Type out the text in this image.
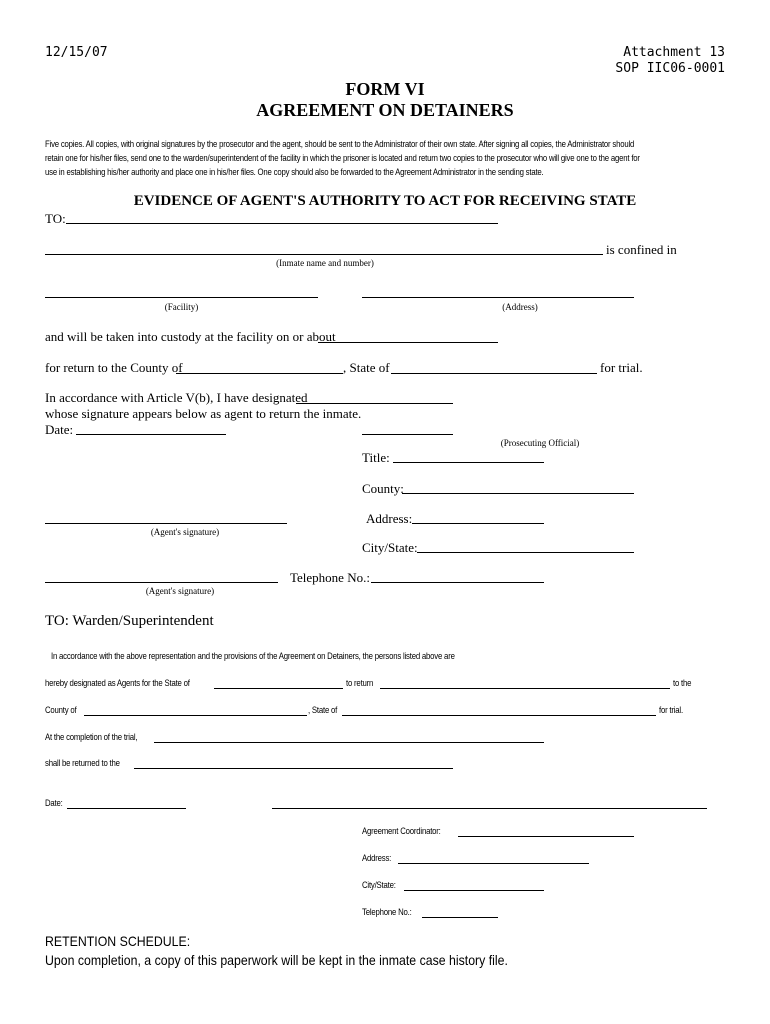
12/15/07	Attachment 13
SOP IIC06-0001
FORM VI
AGREEMENT ON DETAINERS
Five copies. All copies, with original signatures by the prosecutor and the agent, should be sent to the Administrator of their own state. After signing all copies, the Administrator should
retain one for his/her files, send one to the warden/superintendent of the facility in which the prisoner is located and return two copies to the prosecutor who will give one to the agent for
use in establishing his/her authority and place one in his/her files. One copy should also be forwarded to the Agreement Administrator in the sending state.
EVIDENCE OF AGENT'S AUTHORITY TO ACT FOR RECEIVING STATE
TO:
is confined in
(Inmate name and number)
(Facility)	(Address)
and will be taken into custody at the facility on or about
for return to the County of	, State of	for trial.
In accordance with Article V(b), I have designated
whose signature appears below as agent to return the inmate.
Date:
(Prosecuting Official)
Title:
County:
Address:
(Agent's signature)
City/State:
Telephone No.:
(Agent's signature)
TO: Warden/Superintendent
In accordance with the above representation and the provisions of the Agreement on Detainers, the persons listed above are
hereby designated as Agents for the State of	to return	to the
County of	, State of	for trial.
At the completion of the trial,
shall be returned to the
Date:
Agreement Coordinator:
Address:
City/State:
Telephone No.:
RETENTION SCHEDULE:
Upon completion, a copy of this paperwork will be kept in the inmate case history file.
